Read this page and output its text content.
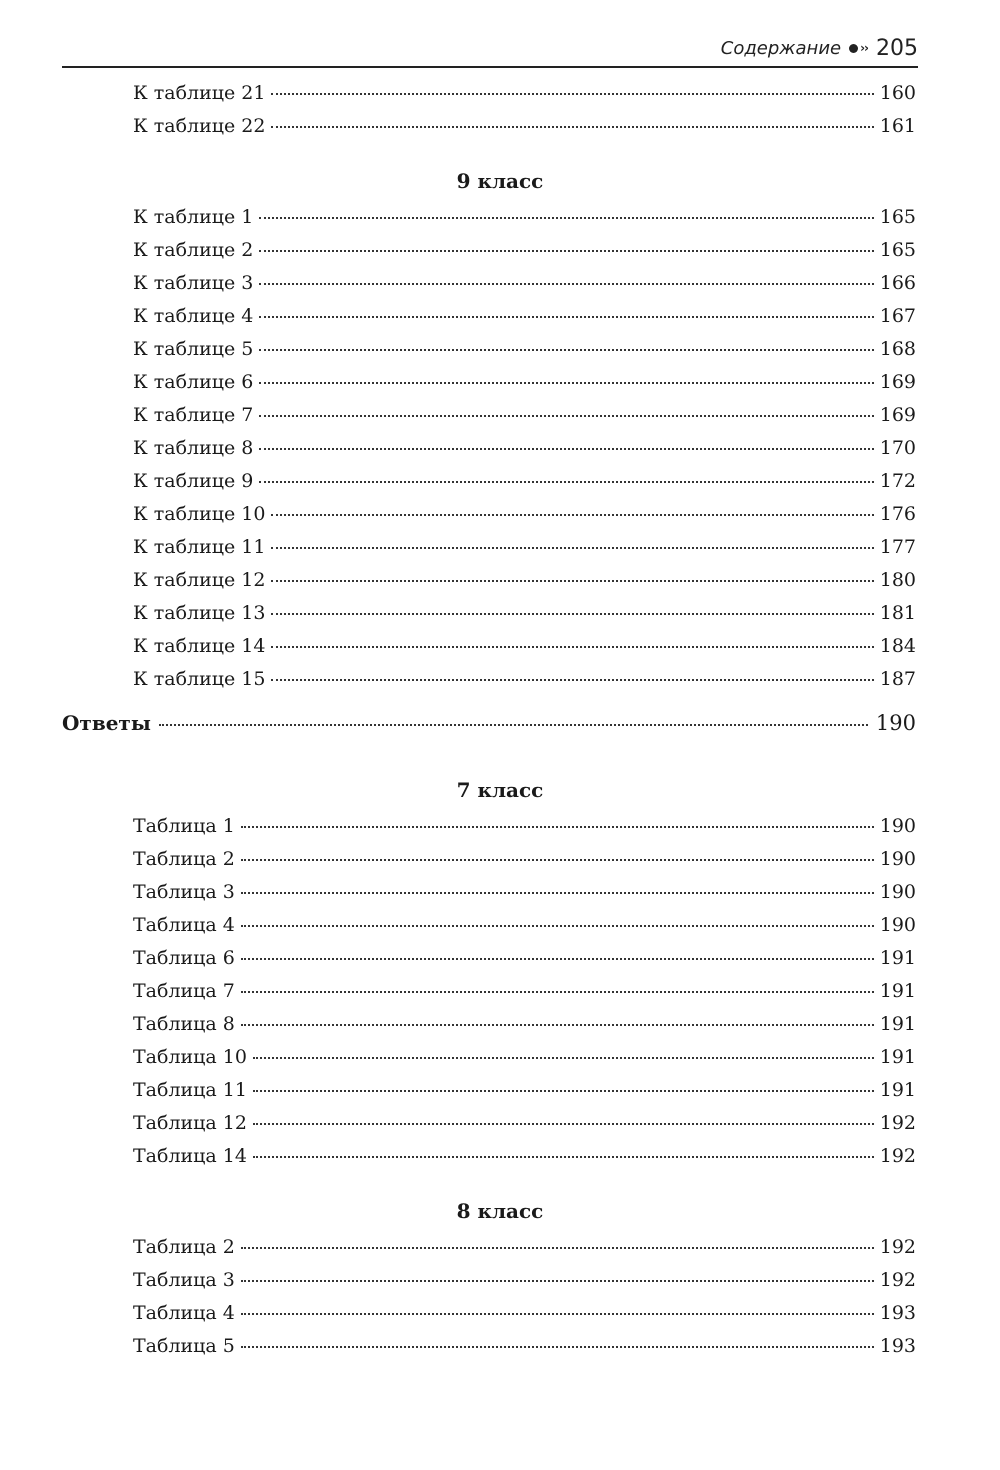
Содержание ›› 205
К таблице 21	160
К таблице 22	161
9 класс
К таблице 1	165
К таблице 2	165
К таблице 3	166
К таблице 4	167
К таблице 5	168
К таблице 6	169
К таблице 7	169
К таблице 8	170
К таблице 9	172
К таблице 10	176
К таблице 11	177
К таблице 12	180
К таблице 13	181
К таблице 14	184
К таблице 15	187
Ответы	190
7 класс
Таблица 1	190
Таблица 2	190
Таблица 3	190
Таблица 4	190
Таблица 6	191
Таблица 7	191
Таблица 8	191
Таблица 10	191
Таблица 11	191
Таблица 12	192
Таблица 14	192
8 класс
Таблица 2	192
Таблица 3	192
Таблица 4	193
Таблица 5	193
